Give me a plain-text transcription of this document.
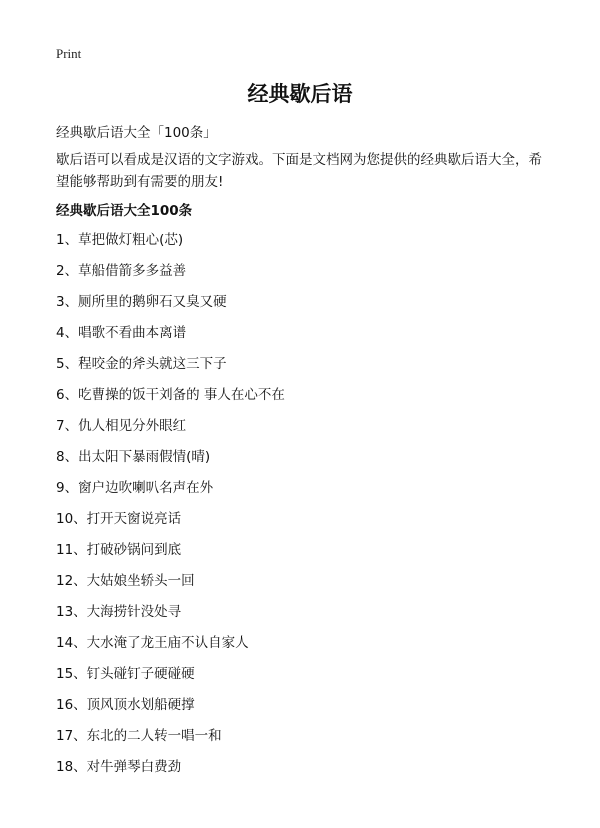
Print
经典歇后语
经典歇后语大全「100条」
歇后语可以看成是汉语的文字游戏。下面是文档网为您提供的经典歇后语大全，希望能够帮助到有需要的朋友!
经典歇后语大全100条
1、草把做灯粗心(芯)
2、草船借箭多多益善
3、厕所里的鹅卵石又臭又硬
4、唱歌不看曲本离谱
5、程咬金的斧头就这三下子
6、吃曹操的饭干刘备的 事人在心不在
7、仇人相见分外眼红
8、出太阳下暴雨假情(晴)
9、窗户边吹喇叭名声在外
10、打开天窗说亮话
11、打破砂锅问到底
12、大姑娘坐轿头一回
13、大海捞针没处寻
14、大水淹了龙王庙不认自家人
15、钉头碰钉子硬碰硬
16、顶风顶水划船硬撑
17、东北的二人转一唱一和
18、对牛弹琴白费劲
